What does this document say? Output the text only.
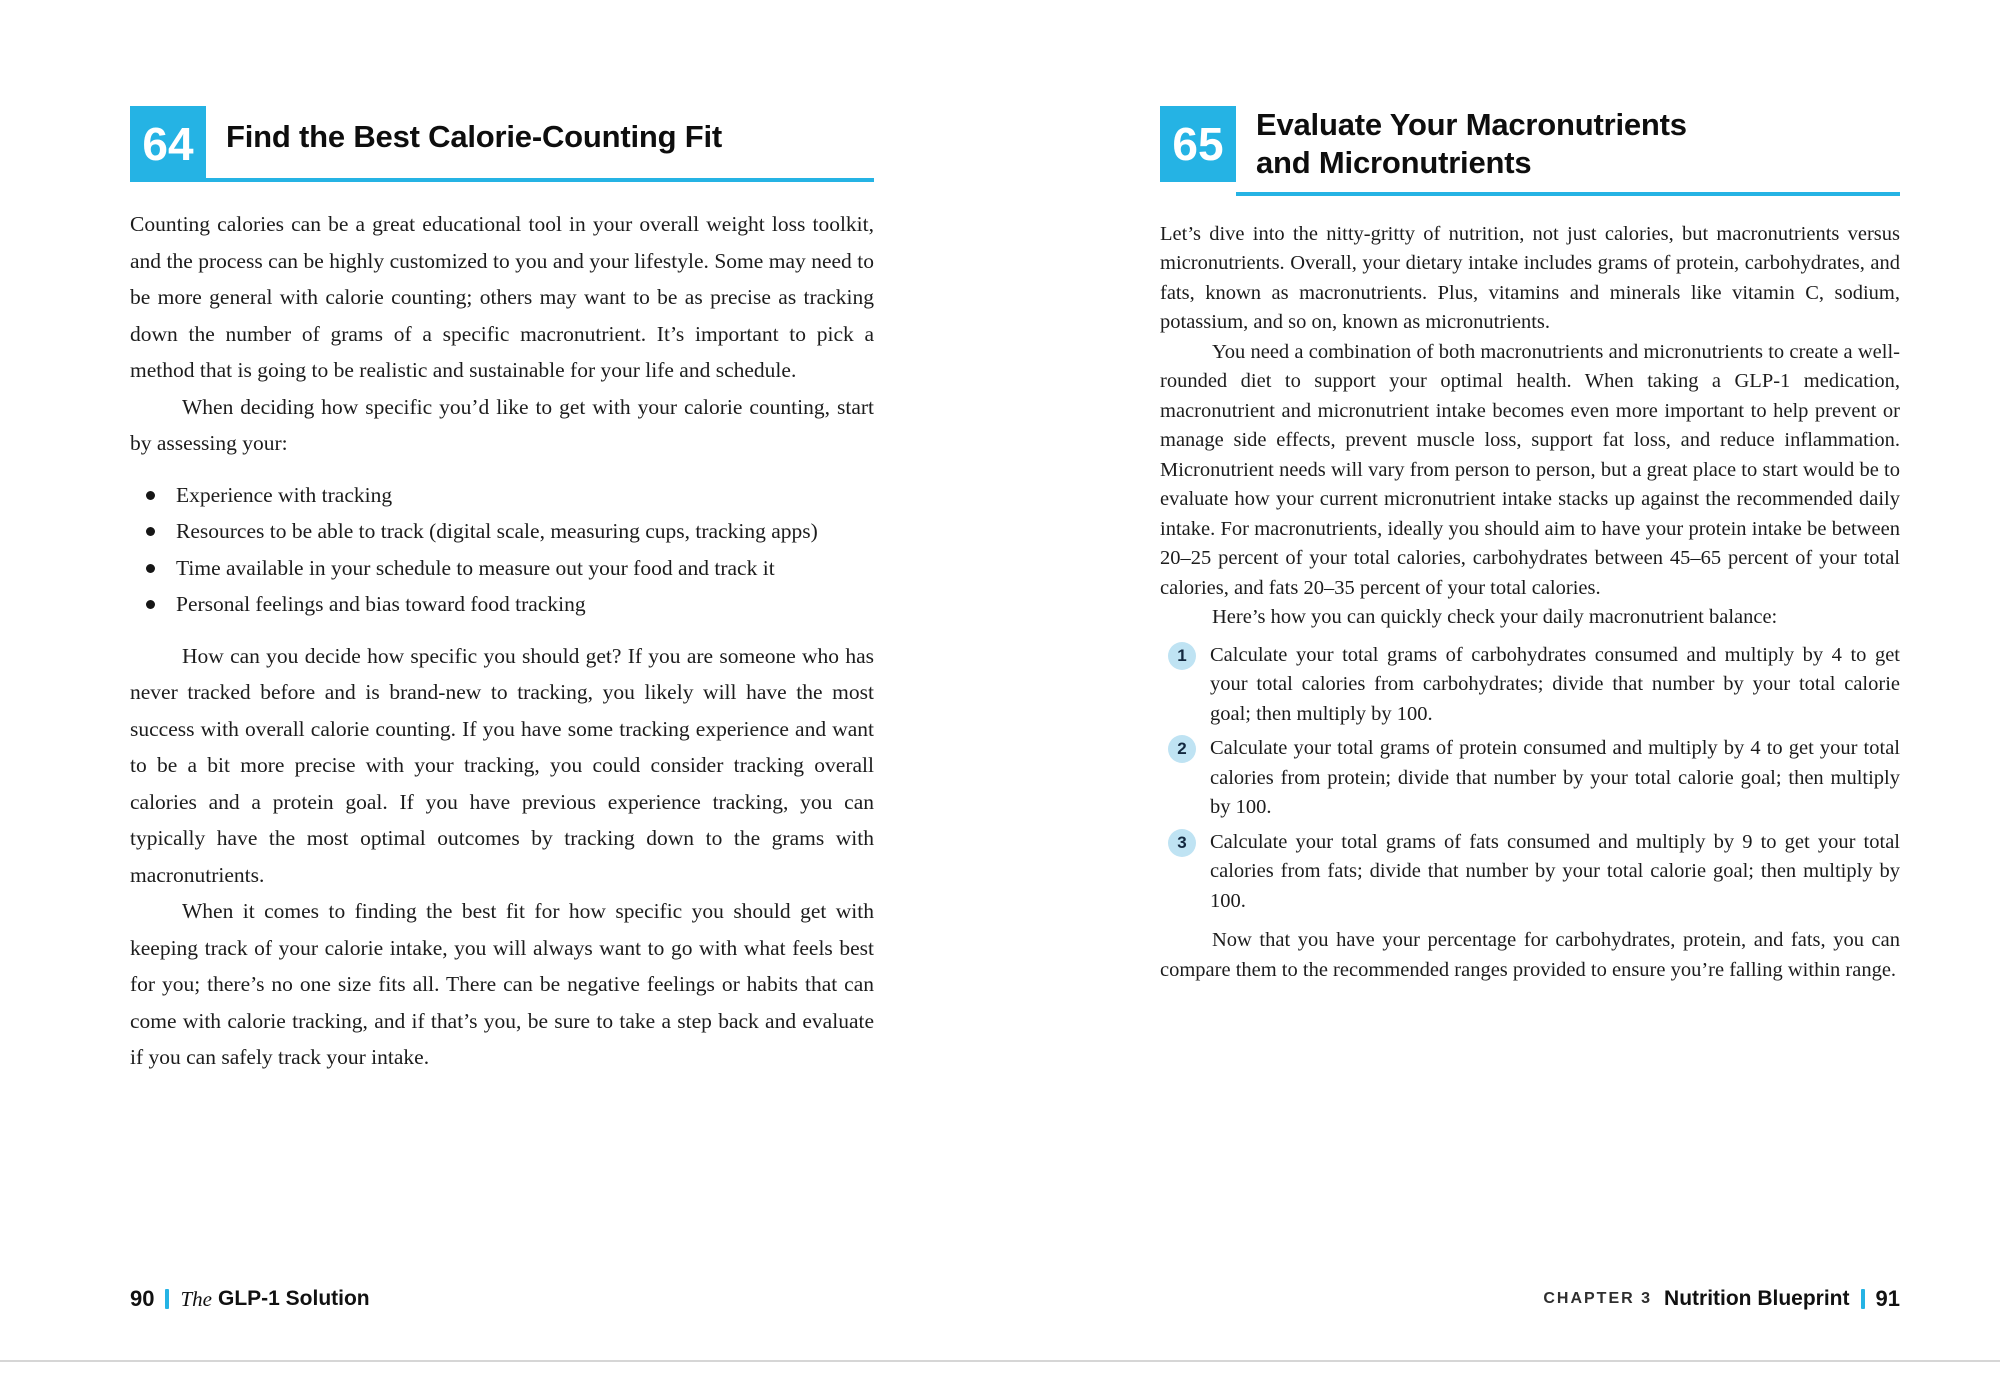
64	Find the Best Calorie-Counting Fit

Counting calories can be a great educational tool in your overall weight loss toolkit, and the process can be highly customized to you and your lifestyle. Some may need to be more general with calorie counting; others may want to be as precise as tracking down the number of grams of a specific macronutrient. It’s important to pick a method that is going to be realistic and sustainable for your life and schedule.

When deciding how specific you’d like to get with your calorie counting, start by assessing your:

Experience with tracking
Resources to be able to track (digital scale, measuring cups, tracking apps)
Time available in your schedule to measure out your food and track it
Personal feelings and bias toward food tracking

How can you decide how specific you should get? If you are someone who has never tracked before and is brand-new to tracking, you likely will have the most success with overall calorie counting. If you have some tracking experience and want to be a bit more precise with your tracking, you could consider tracking overall calories and a protein goal. If you have previous experience tracking, you can typically have the most optimal outcomes by tracking down to the grams with macronutrients.

When it comes to finding the best fit for how specific you should get with keeping track of your calorie intake, you will always want to go with what feels best for you; there’s no one size fits all. There can be negative feelings or habits that can come with calorie tracking, and if that’s you, be sure to take a step back and evaluate if you can safely track your intake.

65	Evaluate Your Macronutrients
and Micronutrients

Let’s dive into the nitty-gritty of nutrition, not just calories, but macronutrients versus micronutrients. Overall, your dietary intake includes grams of protein, carbohydrates, and fats, known as macronutrients. Plus, vitamins and minerals like vitamin C, sodium, potassium, and so on, known as micronutrients.

You need a combination of both macronutrients and micronutrients to create a well-rounded diet to support your optimal health. When taking a GLP-1 medication, macronutrient and micronutrient intake becomes even more important to help prevent or manage side effects, prevent muscle loss, support fat loss, and reduce inflammation. Micronutrient needs will vary from person to person, but a great place to start would be to evaluate how your current micronutrient intake stacks up against the recommended daily intake. For macronutrients, ideally you should aim to have your protein intake be between 20–25 percent of your total calories, carbohydrates between 45–65 percent of your total calories, and fats 20–35 percent of your total calories.

Here’s how you can quickly check your daily macronutrient balance:

1	Calculate your total grams of carbohydrates consumed and multiply by 4 to get your total calories from carbohydrates; divide that number by your total calorie goal; then multiply by 100.
2	Calculate your total grams of protein consumed and multiply by 4 to get your total calories from protein; divide that number by your total calorie goal; then multiply by 100.
3	Calculate your total grams of fats consumed and multiply by 9 to get your total calories from fats; divide that number by your total calorie goal; then multiply by 100.

Now that you have your percentage for carbohydrates, protein, and fats, you can compare them to the recommended ranges provided to ensure you’re falling within range.

90 The GLP-1 Solution	CHAPTER 3 Nutrition Blueprint 91
